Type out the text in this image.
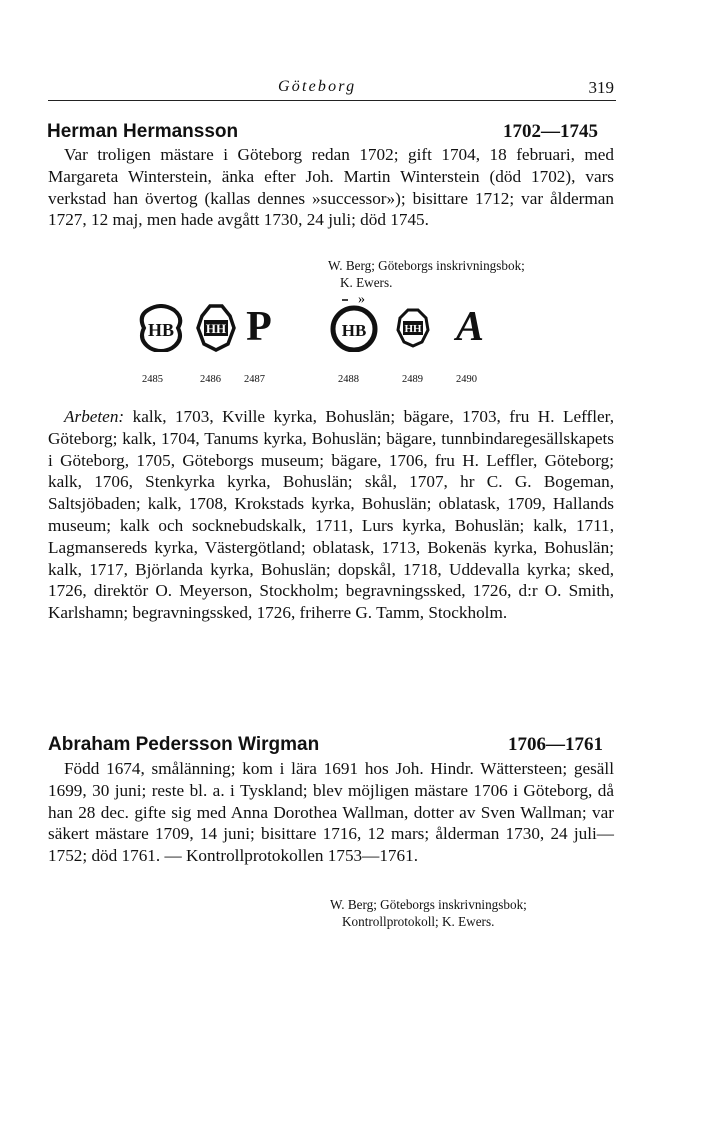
Göteborg	319
Herman Hermansson	1702—1745
Var troligen mästare i Göteborg redan 1702; gift 1704, 18 februari, med Margareta Winterstein, änka efter Joh. Martin Winterstein (död 1702), vars verkstad han övertog (kallas dennes »successor»); bisittare 1712; var ålderman 1727, 12 maj, men hade avgått 1730, 24 juli; död 1745.
W. Berg; Göteborgs inskrivningsbok;
K. Ewers.
»
HB HH P	HB	HH A
2485	2486 2487	2488	2489	2490
Arbeten: kalk, 1703, Kville kyrka, Bohuslän; bägare, 1703, fru H. Leffler, Göteborg; kalk, 1704, Tanums kyrka, Bohuslän; bägare, tunnbindaregesällskapets i Göteborg, 1705, Göteborgs museum; bägare, 1706, fru H. Leffler, Göteborg; kalk, 1706, Stenkyrka kyrka, Bohuslän; skål, 1707, hr C. G. Bogeman, Saltsjöbaden; kalk, 1708, Krokstads kyrka, Bohuslän; oblatask, 1709, Hallands museum; kalk och socknebudskalk, 1711, Lurs kyrka, Bohuslän; kalk, 1711, Lagmansereds kyrka, Västergötland; oblatask, 1713, Bokenäs kyrka, Bohuslän; kalk, 1717, Björlanda kyrka, Bohuslän; dopskål, 1718, Uddevalla kyrka; sked, 1726, direktör O. Meyerson, Stockholm; begravningssked, 1726, d:r O. Smith, Karlshamn; begravningssked, 1726, friherre G. Tamm, Stockholm.
Abraham Pedersson Wirgman	1706—1761
Född 1674, smålänning; kom i lära 1691 hos Joh. Hindr. Wättersteen; gesäll 1699, 30 juni; reste bl. a. i Tyskland; blev möjligen mästare 1706 i Göteborg, då han 28 dec. gifte sig med Anna Dorothea Wallman, dotter av Sven Wallman; var säkert mästare 1709, 14 juni; bisittare 1716, 12 mars; ålderman 1730, 24 juli—1752; död 1761. — Kontrollprotokollen 1753—1761.
W. Berg; Göteborgs inskrivningsbok;
Kontrollprotokoll; K. Ewers.
